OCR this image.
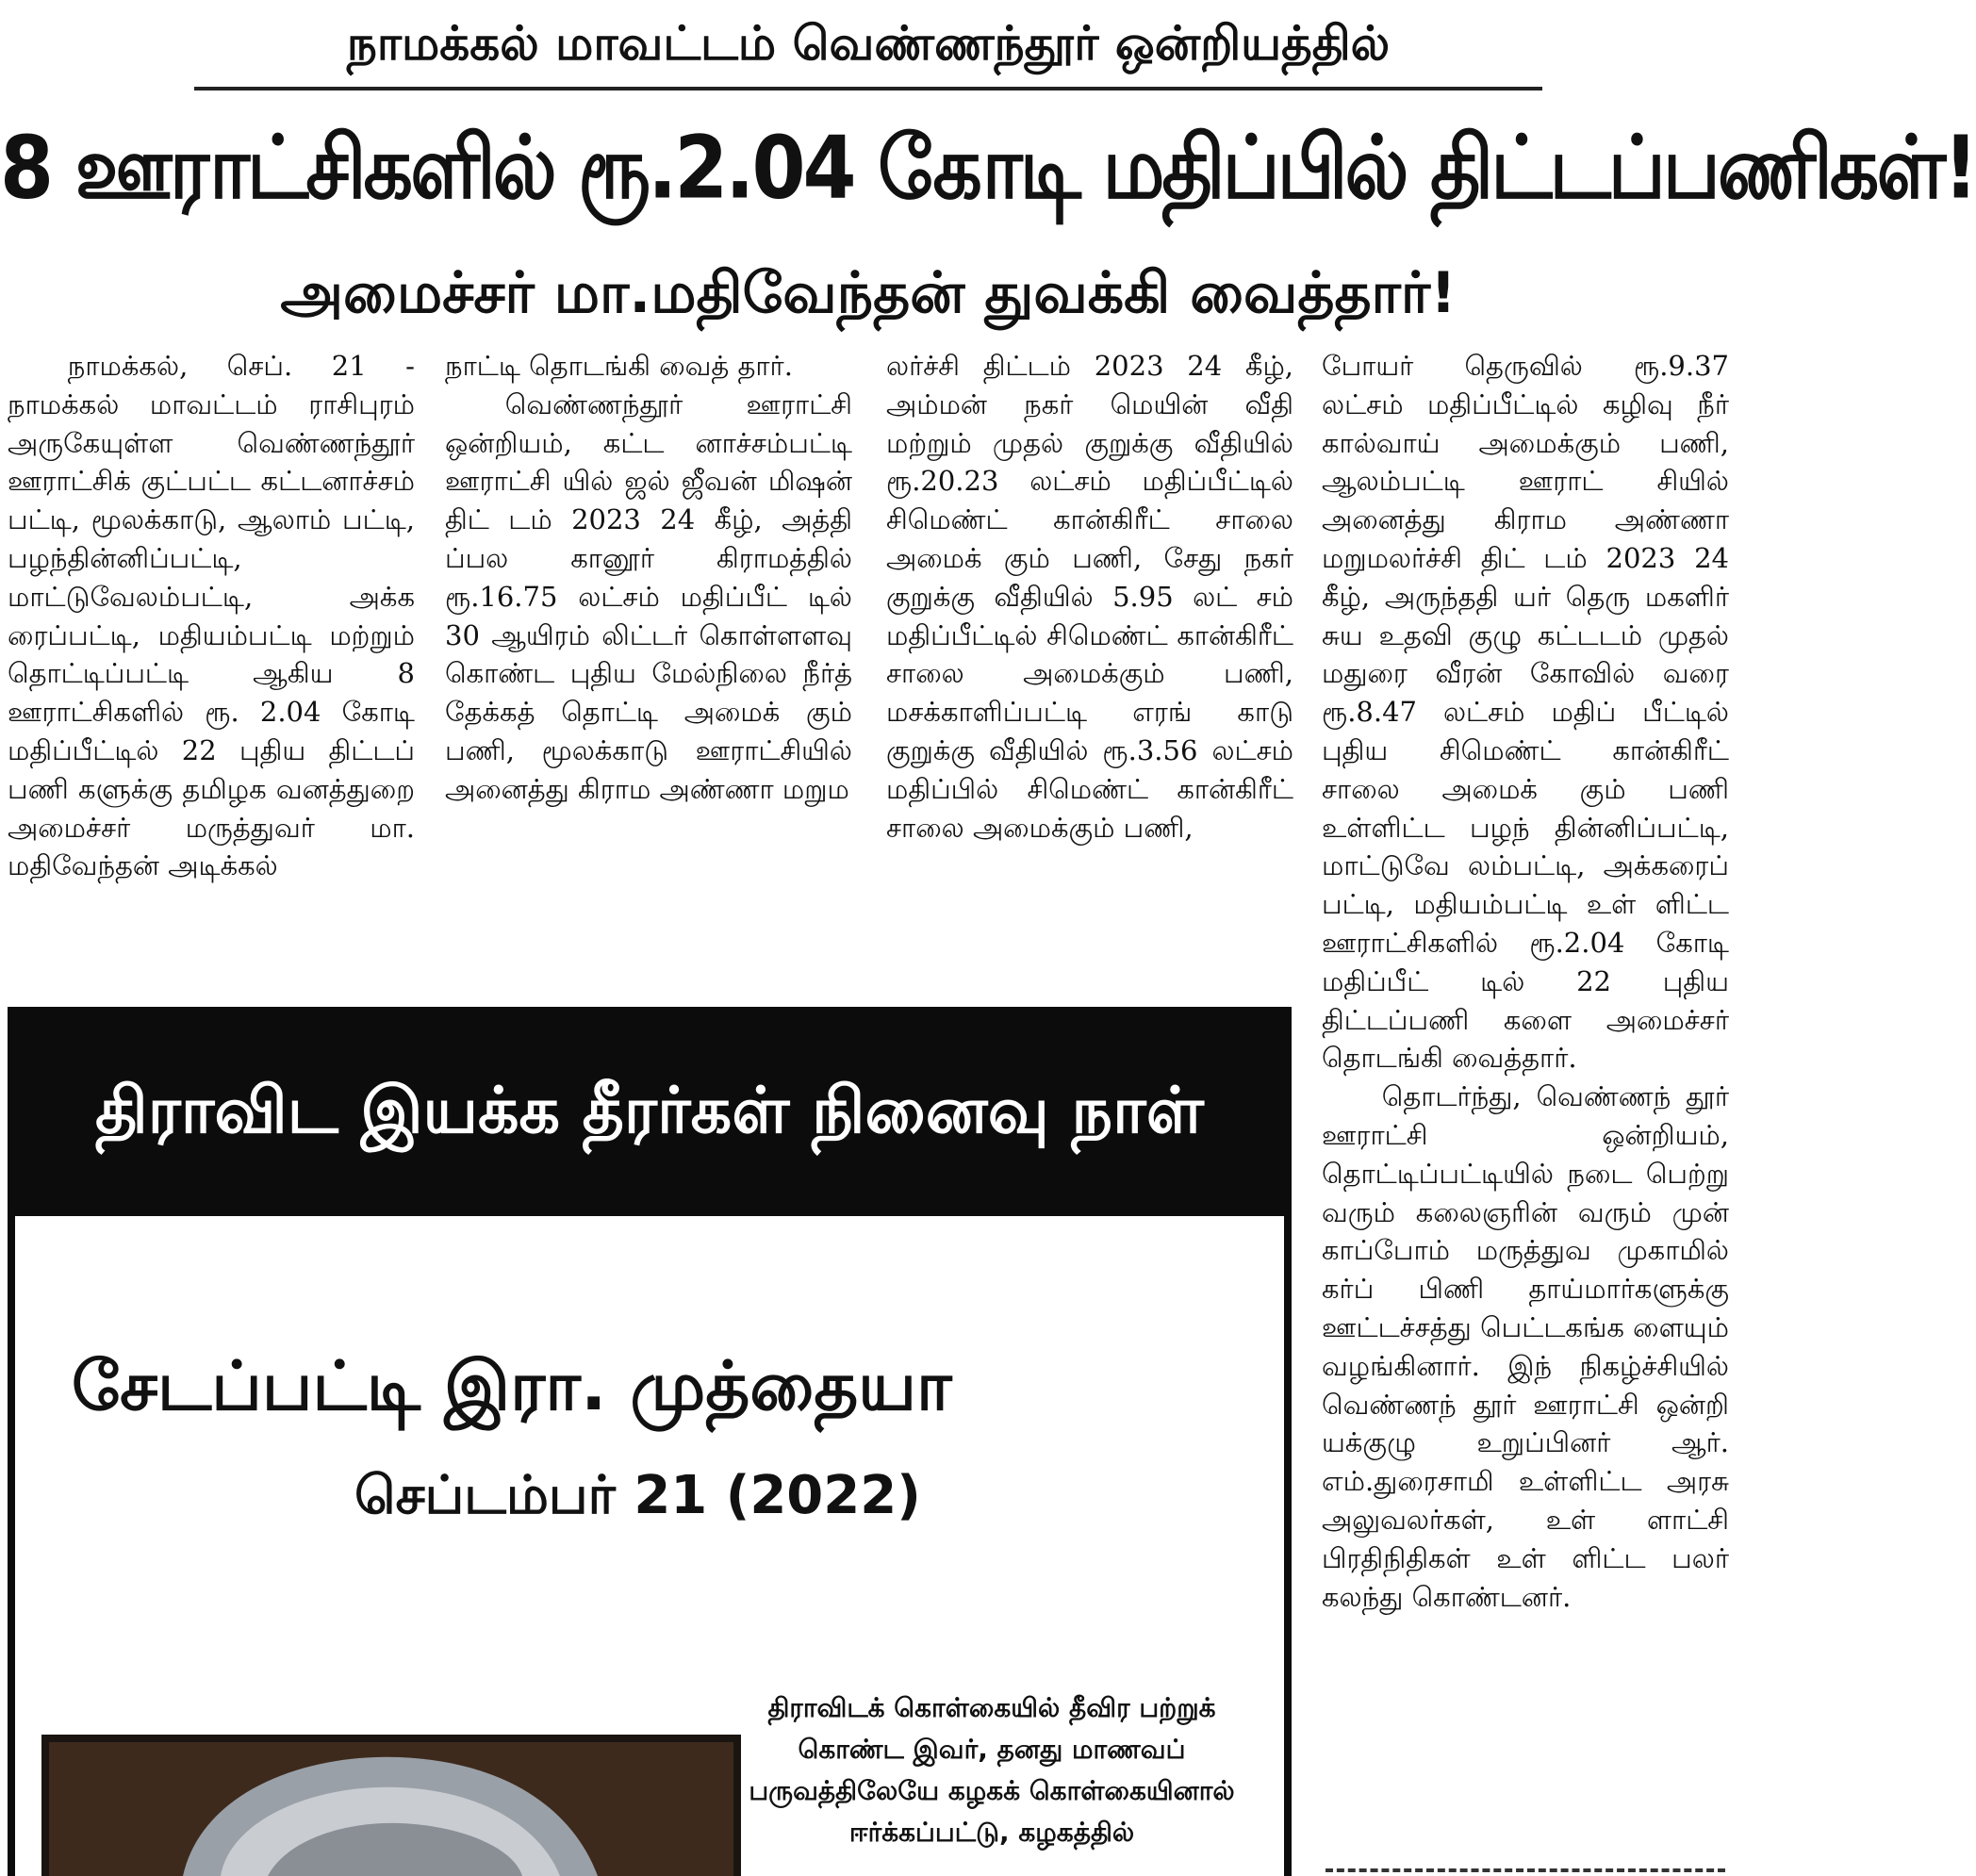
நாமக்கல் மாவட்டம் வெண்ணந்தூர் ஒன்றியத்தில்
8 ஊராட்சிகளில் ரூ.2.04 கோடி மதிப்பில் திட்டப்பணிகள்!
அமைச்சர் மா.மதிவேந்தன் துவக்கி வைத்தார்!

நாமக்கல், செப். 21 - நாமக்கல் மாவட்டம் ராசிபுரம் அருகேயுள்ள வெண்ணந்தூர் ஊராட்சிக் குட்பட்ட கட்டனாச்சம் பட்டி, மூலக்காடு, ஆலாம் பட்டி, பழந்தின்னிப்பட்டி, மாட்டுவேலம்பட்டி, அக்க ரைப்பட்டி, மதியம்பட்டி மற்றும் தொட்டிப்பட்டி ஆகிய 8 ஊராட்சிகளில் ரூ. 2.04 கோடி மதிப்பீட்டில் 22 புதிய திட்டப் பணி களுக்கு தமிழக வனத்துறை அமைச்சர் மருத்துவர் மா. மதிவேந்தன் அடிக்கல்

நாட்டி தொடங்கி வைத் தார்.

வெண்ணந்தூர் ஊராட்சி ஒன்றியம், கட்ட னாச்சம்பட்டி ஊராட்சி யில் ஜல் ஜீவன் மிஷன் திட் டம் 2023 24 கீழ், அத்தி ப்பல கானூர் கிராமத்தில் ரூ.16.75 லட்சம் மதிப்பீட் டில் 30 ஆயிரம் லிட்டர் கொள்ளளவு கொண்ட புதிய மேல்நிலை நீர்த் தேக்கத் தொட்டி அமைக் கும் பணி, மூலக்காடு ஊராட்சியில் அனைத்து கிராம அண்ணா மறும

லர்ச்சி திட்டம் 2023 24 கீழ், அம்மன் நகர் மெயின் வீதி மற்றும் முதல் குறுக்கு வீதியில் ரூ.20.23 லட்சம் மதிப்பீட்டில் சிமெண்ட் கான்கிரீட் சாலை அமைக் கும் பணி, சேது நகர் குறுக்கு வீதியில் 5.95 லட் சம் மதிப்பீட்டில் சிமெண்ட் கான்கிரீட் சாலை அமைக்கும் பணி, மசக்காளிப்பட்டி எரங் காடு குறுக்கு வீதியில் ரூ.3.56 லட்சம் மதிப்பில் சிமெண்ட் கான்கிரீட் சாலை அமைக்கும் பணி,

போயர் தெருவில் ரூ.9.37 லட்சம் மதிப்பீட்டில் கழிவு நீர் கால்வாய் அமைக்கும் பணி, ஆலம்பட்டி ஊராட் சியில் அனைத்து கிராம அண்ணா மறுமலர்ச்சி திட் டம் 2023 24 கீழ், அருந்ததி யர் தெரு மகளிர் சுய உதவி குழு கட்டடம் முதல் மதுரை வீரன் கோவில் வரை ரூ.8.47 லட்சம் மதிப் பீட்டில் புதிய சிமெண்ட் கான்கிரீட் சாலை அமைக் கும் பணி உள்ளிட்ட பழந் தின்னிப்பட்டி, மாட்டுவே லம்பட்டி, அக்கரைப் பட்டி, மதியம்பட்டி உள் ளிட்ட ஊராட்சிகளில் ரூ.2.04 கோடி மதிப்பீட் டில் 22 புதிய திட்டப்பணி களை அமைச்சர் தொடங்கி வைத்தார்.

தொடர்ந்து, வெண்ணந் தூர் ஊராட்சி ஒன்றியம், தொட்டிப்பட்டியில் நடை பெற்று வரும் கலைஞரின் வரும் முன் காப்போம் மருத்துவ முகாமில் கர்ப் பிணி தாய்மார்களுக்கு ஊட்டச்சத்து பெட்டகங்க ளையும் வழங்கினார். இந் நிகழ்ச்சியில் வெண்ணந் தூர் ஊராட்சி ஒன்றி யக்குழு உறுப்பினர் ஆர். எம்.துரைசாமி உள்ளிட்ட அரசு அலுவலர்கள், உள் ளாட்சி பிரதிநிதிகள் உள் ளிட்ட பலர் கலந்து கொண்டனர்.

திராவிட இயக்க தீரர்கள் நினைவு நாள்
சேடப்பட்டி இரா. முத்தையா
செப்டம்பர் 21 (2022)
திராவிடக் கொள்கையில் தீவிர பற்றுக் கொண்ட இவர், தனது மாணவப் பருவத்திலேயே கழகக் கொள்கையினால் ஈர்க்கப்பட்டு, கழகத்தில்
